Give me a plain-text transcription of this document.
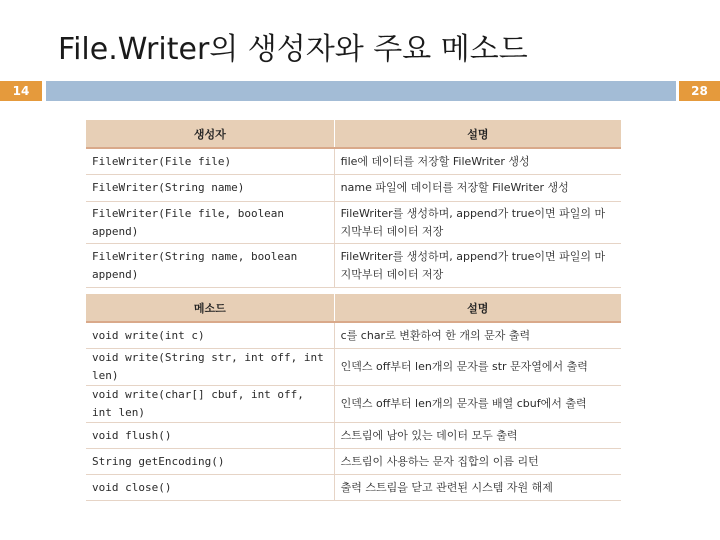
File.Writer의 생성자와 주요 메소드
14	28
생성자	설명
FileWriter(File file)	file에 데이터를 저장할 FileWriter 생성
FileWriter(String name)	name 파일에 데이터를 저장할 FileWriter 생성
FileWriter(File file, boolean append)	FileWriter를 생성하며, append가 true이면 파일의 마지막부터 데이터 저장
FileWriter(String name, boolean append)	FileWriter를 생성하며, append가 true이면 파일의 마지막부터 데이터 저장
메소드	설명
void write(int c)	c를 char로 변환하여 한 개의 문자 출력
void write(String str, int off, int len)	인덱스 off부터 len개의 문자를 str 문자열에서 출력
void write(char[] cbuf, int off, int len)	인덱스 off부터 len개의 문자를 배열 cbuf에서 출력
void flush()	스트림에 남아 있는 데이터 모두 출력
String getEncoding()	스트림이 사용하는 문자 집합의 이름 리턴
void close()	출력 스트림을 닫고 관련된 시스템 자원 해제
